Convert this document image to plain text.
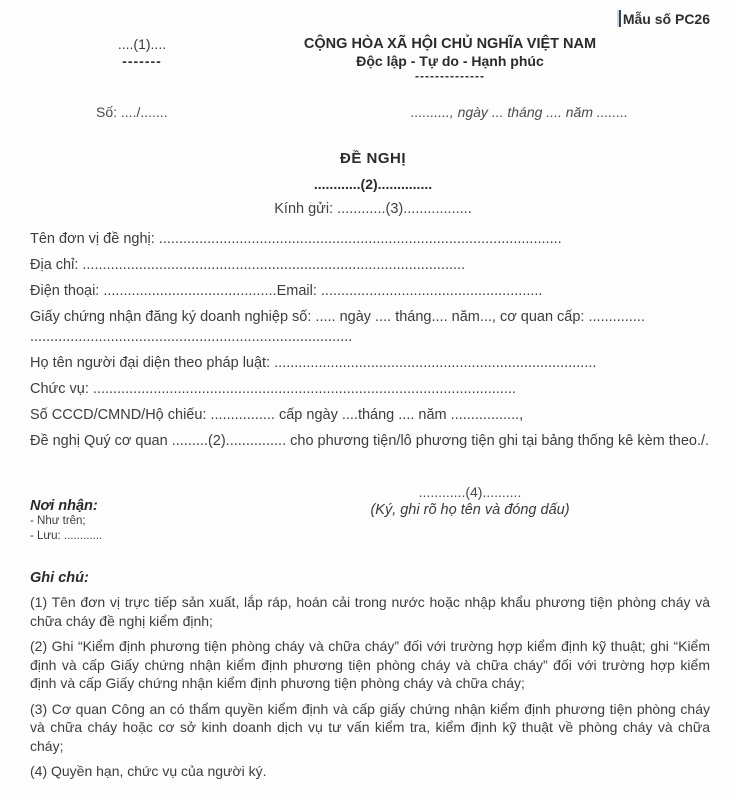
Mẫu số PC26
....(1)....
-------
CỘNG HÒA XÃ HỘI CHỦ NGHĨA VIỆT NAM
Độc lập - Tự do - Hạnh phúc
--------------
Số: ..../.......	.........., ngày ... tháng .... năm ........
ĐỀ NGHỊ
............(2)..............
Kính gửi: ............(3).................
Tên đơn vị đề nghị: ....................................................................................................
Địa chỉ: ...............................................................................................
Điện thoại: ...........................................Email: .......................................................
Giấy chứng nhận đăng ký doanh nghiệp số: ..... ngày .... tháng.... năm..., cơ quan cấp: ..............
................................................................................
Họ tên người đại diện theo pháp luật: ................................................................................
Chức vụ: .........................................................................................................
Số CCCD/CMND/Hộ chiếu: ................ cấp ngày ....tháng .... năm .................,
Đề nghị Quý cơ quan .........(2)............... cho phương tiện/lô phương tiện ghi tại bảng thống kê kèm theo./.
Nơi nhận:
- Như trên;
- Lưu: ............
............(4)..........
(Ký, ghi rõ họ tên và đóng dấu)
Ghi chú:
(1) Tên đơn vị trực tiếp sản xuất, lắp ráp, hoán cải trong nước hoặc nhập khẩu phương tiện phòng cháy và chữa cháy đề nghị kiểm định;
(2) Ghi “Kiểm định phương tiện phòng cháy và chữa cháy” đối với trường hợp kiểm định kỹ thuật; ghi “Kiểm định và cấp Giấy chứng nhận kiểm định phương tiện phòng cháy và chữa cháy” đối với trường hợp kiểm định và cấp Giấy chứng nhận kiểm định phương tiện phòng cháy và chữa cháy;
(3) Cơ quan Công an có thẩm quyền kiểm định và cấp giấy chứng nhận kiểm định phương tiện phòng cháy và chữa cháy hoặc cơ sở kinh doanh dịch vụ tư vấn kiểm tra, kiểm định kỹ thuật về phòng cháy và chữa cháy;
(4) Quyền hạn, chức vụ của người ký.
